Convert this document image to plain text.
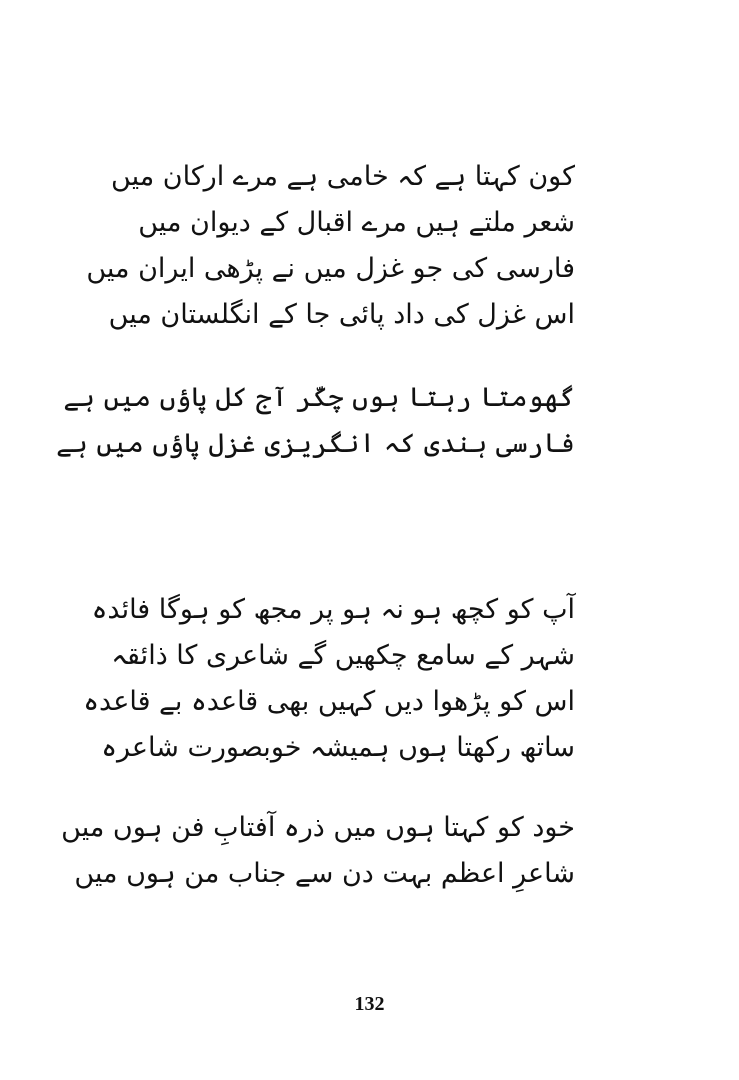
کون کہتا ہے کہ خامی ہے مرے ارکان میں
شعر ملتے ہیں مرے اقبال کے دیوان میں
فارسی کی جو غزل میں نے پڑھی ایران میں
اس غزل کی داد پائی جا کے انگلستان میں
گھومتا رہتا ہوں چکّر آج کل پاؤں میں ہے
فارسی ہندی کہ انگریزی غزل پاؤں میں ہے
آپ کو کچھ ہو نہ ہو پر مجھ کو ہوگا فائدہ
شہر کے سامع چکھیں گے شاعری کا ذائقہ
اس کو پڑھوا دیں کہیں بھی قاعدہ بے قاعدہ
ساتھ رکھتا ہوں ہمیشہ خوبصورت شاعرہ
خود کو کہتا ہوں میں ذرہ آفتابِ فن ہوں میں
شاعرِ اعظم بہت دن سے جناب من ہوں میں
132
